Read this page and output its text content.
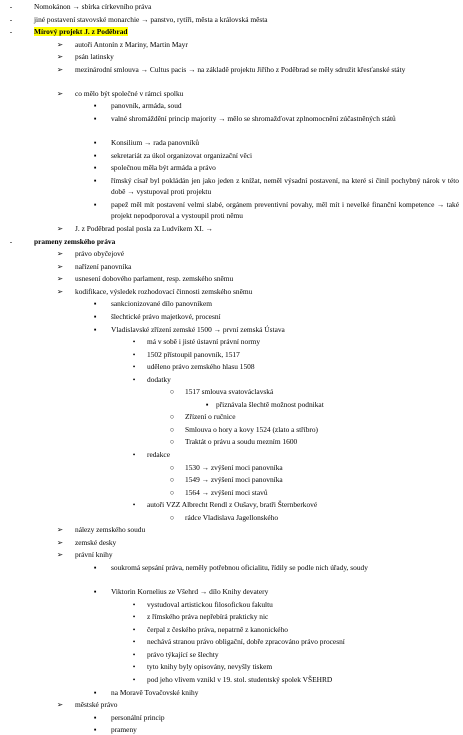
-	Nomokánon → sbírka církevního práva
-	jiné postavení stavovské monarchie → panstvo, rytíři, města a královská města
-	Mírový projekt J. z Poděbrad
➢ autoři Antonín z Mariny, Martin Mayr
➢ psán latinsky
➢ mezinárodní smlouva → Cultus pacis → na základě projektu Jiřího z Poděbrad se měly sdružit křesťanské státy
➢ co mělo být společné v rámci spolku
▪	panovník, armáda, soud
▪	valné shromáždění princip majority → mělo se shromažďovat zplnomocnění zúčastněných států
▪	Konsilium → rada panovníků
▪	sekretariát za úkol organizovat organizační věci
▪	společnou měla být armáda a právo
▪	římský císař byl pokládán jen jako jeden z knížat, neměl výsadní postavení, na které si činil pochybný nárok v této době → vystupoval proti projektu
▪	papež měl mít postavení velmi slabé, orgánem preventivní povahy, měl mít i nevelké finanční kompetence → také projekt nepodporoval a vystoupil proti němu
➢ J. z Poděbrad poslal posla za Ludvíkem XI. →
-	prameny zemského práva
➢ právo obyčejové
➢ nařízení panovníka
➢ usnesení dobového parlament, resp. zemského sněmu
➢ kodifikace, výsledek rozhodovací činnosti zemského sněmu
▪	sankcionizované dílo panovníkem
▪	šlechtické právo majetkové, procesní
▪	Vladislavské zřízení zemské 1500 → první zemská Ústava
•	má v sobě i jisté ústavní právní normy
•	1502 přístoupil panovník, 1517
•	uděleno právo zemského hlasu 1508
•	dodatky
○ 1517 smlouva svatováclavská
▪	přiznávala šlechtě možnost podnikat
○ Zřízení o ručnice
○ Smlouva o hory a kovy 1524 (zlato a stříbro)
○ Traktát o právu a soudu mezním 1600
•	redakce
○ 1530 → zvýšení moci panovníka
○ 1549 → zvýšení moci panovníka
○ 1564 → zvýšení moci stavů
•	autoři VZZ Albrecht Rendl z Oušavy, bratři Šternberkové
○ rádce Vladislava Jagellonského
➢ nálezy zemského soudu
➢ zemské desky
➢ právní knihy
▪	soukromá sepsání práva, neměly potřebnou oficialitu, řídily se podle nich úřady, soudy
▪	Viktorin Kornelius ze Všehrd → dílo Knihy devatery
•	vystudoval artistickou filosofickou fakultu
•	z římského práva nepřebírá prakticky nic
•	čerpal z českého práva, nepatrně z kanonického
•	nechává stranou právo obligační, dobře zpracováno právo procesní
•	právo týkající se šlechty
•	tyto knihy byly opisovány, nevyšly tiskem
•	pod jeho vlivem vznikl v 19. stol. studentský spolek VŠEHRD
▪	na Moravě Tovačovské knihy
➢ městské právo
▪	personální princip
▪	prameny
